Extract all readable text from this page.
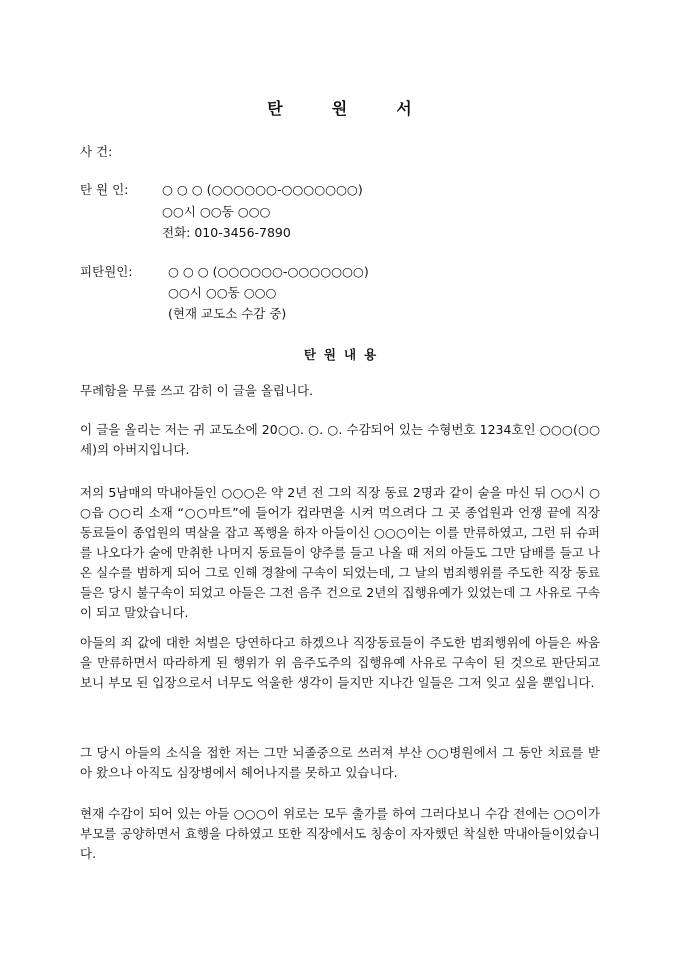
탄	원	서
사 건:
탄 원 인:	○ ○ ○ (○○○○○○-○○○○○○○)
○○시 ○○동 ○○○
전화: 010-3456-7890
피탄원인:	○ ○ ○ (○○○○○○-○○○○○○○)
○○시 ○○동 ○○○
(현재 교도소 수감 중)
탄 원 내 용
무례함을 무릎 쓰고 감히 이 글을 올립니다.
이 글을 올리는 저는 귀 교도소에 20○○. ○. ○. 수감되어 있는 수형번호 1234호인 ○○○(○○세)의 아버지입니다.
저의 5남매의 막내아들인 ○○○은 약 2년 전 그의 직장 동료 2명과 같이 술을 마신 뒤 ○○시 ○○읍 ○○리 소재 “○○마트”에 들어가 컵라면을 시켜 먹으려다 그 곳 종업원과 언쟁 끝에 직장 동료들이 종업원의 멱살을 잡고 폭행을 하자 아들이신 ○○○이는 이를 만류하였고, 그런 뒤 슈퍼를 나오다가 술에 만취한 나머지 동료들이 양주를 들고 나올 때 저의 아들도 그만 담배를 들고 나온 실수를 범하게 되어 그로 인해 경찰에 구속이 되었는데, 그 날의 범죄행위를 주도한 직장 동료들은 당시 불구속이 되었고 아들은 그전 음주 건으로 2년의 집행유예가 있었는데 그 사유로 구속이 되고 말았습니다.
아들의 죄 값에 대한 처벌은 당연하다고 하겠으나 직장동료들이 주도한 범죄행위에 아들은 싸움을 만류하면서 따라하게 된 행위가 위 음주도주의 집행유예 사유로 구속이 된 것으로 판단되고 보니 부모 된 입장으로서 너무도 억울한 생각이 들지만 지나간 일들은 그저 잊고 싶을 뿐입니다.
그 당시 아들의 소식을 접한 저는 그만 뇌졸중으로 쓰러져 부산 ○○병원에서 그 동안 치료를 받아 왔으나 아직도 심장병에서 헤어나지를 못하고 있습니다.
현재 수감이 되어 있는 아들 ○○○이 위로는 모두 출가를 하여 그러다보니 수감 전에는 ○○이가 부모를 공양하면서 효행을 다하였고 또한 직장에서도 칭송이 자자했던 착실한 막내아들이었습니다.
